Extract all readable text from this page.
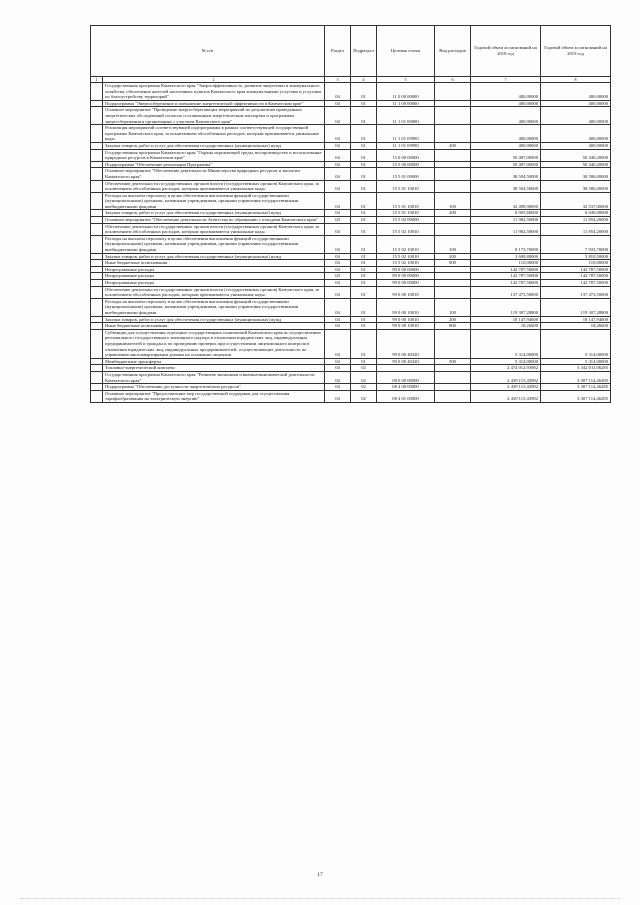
№ п/п		Раздел	Подраздел	Целевая статья	Вид расходов	Годовой объем ассигнований на 2018 год	Годовой объем ассигнований на 2019 год
1	2	3	4	5	6	7	8
	Государственная программа Камчатского края "Энергоэффективность, развитие энергетики и коммунального хозяйства, обеспечение жителей населенных пунктов Камчатского края коммунальными услугами и услугами по благоустройству территорий"	04	01	11 0 00 00000		400,00000	400,00000
	Подпрограмма "Энергосбережение и повышение энергетической эффективности в Камчатском крае"	04	01	11 1 00 00000		400,00000	400,00000
	Основное мероприятие "Проведение энергосберегающих мероприятий по результатам проведенных энергетических обследований согласно составленным энергетическим паспортам и программам энергосбережения в организациях с участием Камчатского края"	04	01	11 1 01 00000		400,00000	400,00000
	Реализация мероприятий соответствующей подпрограммы в рамках соответствующей государственной программы Камчатского края, за исключением обособленных расходов, которым присваиваются уникальные коды	04	01	11 1 01 09990		400,00000	400,00000
	Закупка товаров, работ и услуг для обеспечения государственных (муниципальных) нужд	04	01	11 1 01 09990	200	400,00000	400,00000
	Государственная программа Камчатского края "Охрана окружающей среды, воспроизводство и использование природных ресурсов в Камчатском крае"	04	01	15 0 00 00000		50 487,00000	50 440,20000
	Подпрограмма "Обеспечение реализации Программы"	04	01	15 5 00 00000		50 487,00000	50 440,20000
	Основное мероприятие "Обеспечение деятельности Министерства природных ресурсов и экологии Камчатского края"	04	01	15 5 01 00000		38 504,50000	38 586,00000
	Обеспечение деятельности государственных органов власти (государственных органов) Камчатского края, за исключением обособленных расходов, которым присваиваются уникальные коды.	04	01	15 5 01 10010		38 504,50000	38 586,00000
	Расходы на выплаты персоналу в целях обеспечения выполнения функций государственными (муниципальными) органами, казенными учреждениями, органами управления государственными внебюджетными фондами	04	01	15 5 01 10010	100	32 498,90000	32 537,00000
	Закупка товаров, работ и услуг для обеспечения государственных (муниципальных) нужд	04	01	15 5 01 10010	200	6 005,60000	6 049,00000
	Основное мероприятие "Обеспечение деятельности Агентства по обращению с отходами Камчатского края"	04	01	15 5 02 00000		11 982,50000	11 854,20000
	Обеспечение деятельности государственных органов власти (государственных органов) Камчатского края, за исключением обособленных расходов, которым присваиваются уникальные коды.	04	01	15 5 02 10010		11 982,50000	11 854,20000
	Расходы на выплаты персоналу в целях обеспечения выполнения функций государственными (муниципальными) органами, казенными учреждениями, органами управления государственными внебюджетными фондами	04	01	15 5 02 10010	100	8 173,70000	7 933,70000
	Закупка товаров, работ и услуг для обеспечения государственных (муниципальных) нужд	04	01	15 5 02 10010	200	3 698,80000	3 810,50000
	Иные бюджетные ассигнования	04	01	15 5 02 10010	800	110,00000	110,00000
	Непрограммные расходы	04	01	99 0 00 00000		142 787,50000	142 787,50000
	Непрограммные расходы	04	01	99 0 00 00000		142 787,50000	142 787,50000
	Непрограммные расходы	04	01	99 0 00 00000		142 787,50000	142 787,50000
	Обеспечение деятельности государственных органов власти (государственных органов) Камчатского края, за исключением обособленных расходов, которым присваиваются уникальные коды.	04	01	99 0 00 10010		137 473,50000	137 473,50000
	Расходы на выплаты персоналу в целях обеспечения выполнения функций государственными (муниципальными) органами, казенными учреждениями, органами управления государственными внебюджетными фондами	04	01	99 0 00 10010	100	119 307,28800	119 307,28800
	Закупка товаров, работ и услуг для обеспечения государственных (муниципальных) нужд	04	01	99 0 00 10010	200	18 147,94600	18 147,94600
	Иные бюджетные ассигнования	04	01	99 0 00 10010	800	18,26600	18,26600
	Субвенции для осуществления отдельных государственных полномочий Камчатского края по осуществлению регионального государственного жилищного надзора в отношении юридических лиц, индивидуальных предпринимателей и граждан и по проведению проверок при осуществлении лицензионного контроля в отношении юридических лиц, индивидуальных предпринимателей, осуществляющих деятельность по управлению многоквартирными домами на основании лицензии	04	01	99 0 00 40320		5 314,00000	5 314,00000
	Межбюджетные трансферты	04	01	99 0 00 40320	500	5 314,00000	5 314,00000
	Топливно-энергетический комплекс	04	02			2 474 012,93982	3 342 011,06285
	Государственная программа Камчатского края "Развитие экономики и внешнеэкономической деятельности Камчатского края"	04	02	08 0 00 00000		2 439 115,43982	3 307 114,46285
	Подпрограмма "Обеспечение доступности энергетических ресурсов"	04	02	08 4 00 00000		2 439 115,43982	3 307 114,46285
	Основное мероприятие "Предоставление мер государственной поддержки для осуществления тарифообразования на электрическую энергию"	04	02	08 4 01 00000		2 439 115,43982	3 307 114,46285
17
